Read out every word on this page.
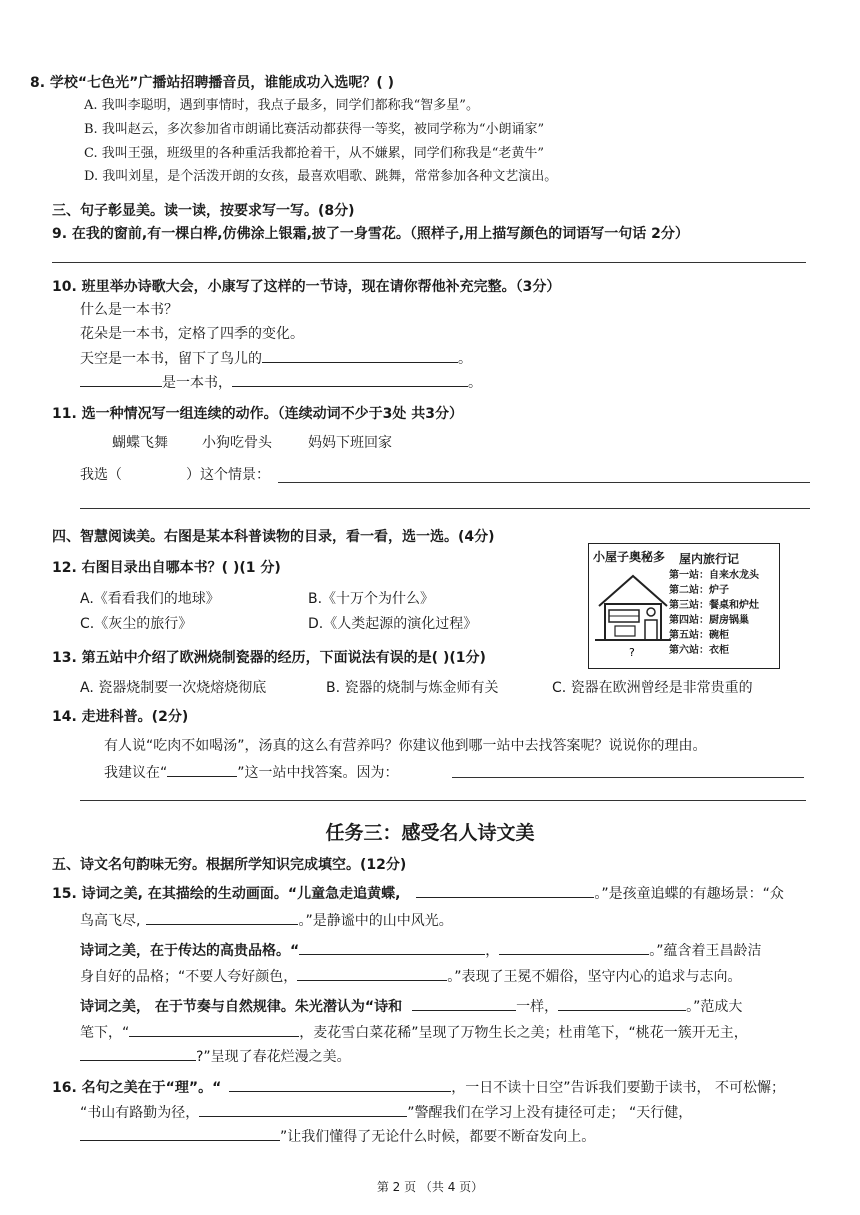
8. 学校“七色光”广播站招聘播音员，谁能成功入选呢？( )
A. 我叫李聪明，遇到事情时，我点子最多，同学们都称我“智多星”。
B. 我叫赵云，多次参加省市朗诵比赛活动都获得一等奖，被同学称为“小朗诵家”
C. 我叫王强，班级里的各种重活我都抢着干，从不嫌累，同学们称我是“老黄牛”
D. 我叫刘星，是个活泼开朗的女孩，最喜欢唱歌、跳舞，常常参加各种文艺演出。
三、句子彰显美。读一读，按要求写一写。(8分)
9. 在我的窗前,有一棵白桦,仿佛涂上银霜,披了一身雪花。（照样子,用上描写颜色的词语写一句话 2分）
10. 班里举办诗歌大会，小康写了这样的一节诗，现在请你帮他补充完整。（3分）
什么是一本书？
花朵是一本书，定格了四季的变化。
天空是一本书，留下了鸟儿的	。
是一本书，	。
11. 选一种情况写一组连续的动作。（连续动词不少于3处 共3分）
蝴蝶飞舞 小狗吃骨头	妈妈下班回家
我选（	）这个情景：
四、智慧阅读美。右图是某本科普读物的目录，看一看，选一选。(4分)
12. 右图目录出自哪本书？( )(1 分)
A.《看看我们的地球》	B.《十万个为什么》
C.《灰尘的旅行》	D.《人类起源的演化过程》
小屋子奥秘多 屋内旅行记
?
第一站：自来水龙头
第二站：炉子
第三站：餐桌和炉灶
第四站：厨房锅巢
第五站：碗柜
第六站：衣柜
13. 第五站中介绍了欧洲烧制瓷器的经历，下面说法有误的是( )(1分)
A. 瓷器烧制要一次烧熔烧彻底	B. 瓷器的烧制与炼金师有关	C. 瓷器在欧洲曾经是非常贵重的
14. 走进科普。(2分)
有人说“吃肉不如喝汤”，汤真的这么有营养吗？你建议他到哪一站中去找答案呢？说说你的理由。
我建议在“	”这一站中找答案。因为：
任务三：感受名人诗文美
五、诗文名句韵味无穷。根据所学知识完成填空。(12分)
15. 诗词之美, 在其描绘的生动画面。“儿童急走追黄蝶,	。”是孩童追蝶的有趣场景：“众
鸟高飞尽,	。”是静谧中的山中风光。
诗词之美，在于传达的高贵品格。“	，	。”蕴含着王昌龄洁
身自好的品格；“不要人夸好颜色，	。”表现了王冕不媚俗，坚守内心的追求与志向。
诗词之美， 在于节奏与自然规律。朱光潜认为“诗和	一样，	。”范成大
笔下，“	，麦花雪白菜花稀”呈现了万物生长之美；杜甫笔下，“桃花一簇开无主，
?”呈现了春花烂漫之美。
16. 名句之美在于“理”。“	，一日不读十日空”告诉我们要勤于读书， 不可松懈；
“书山有路勤为径，	”警醒我们在学习上没有捷径可走； “天行健，
”让我们懂得了无论什么时候，都要不断奋发向上。
第 2 页 （共 4 页）
